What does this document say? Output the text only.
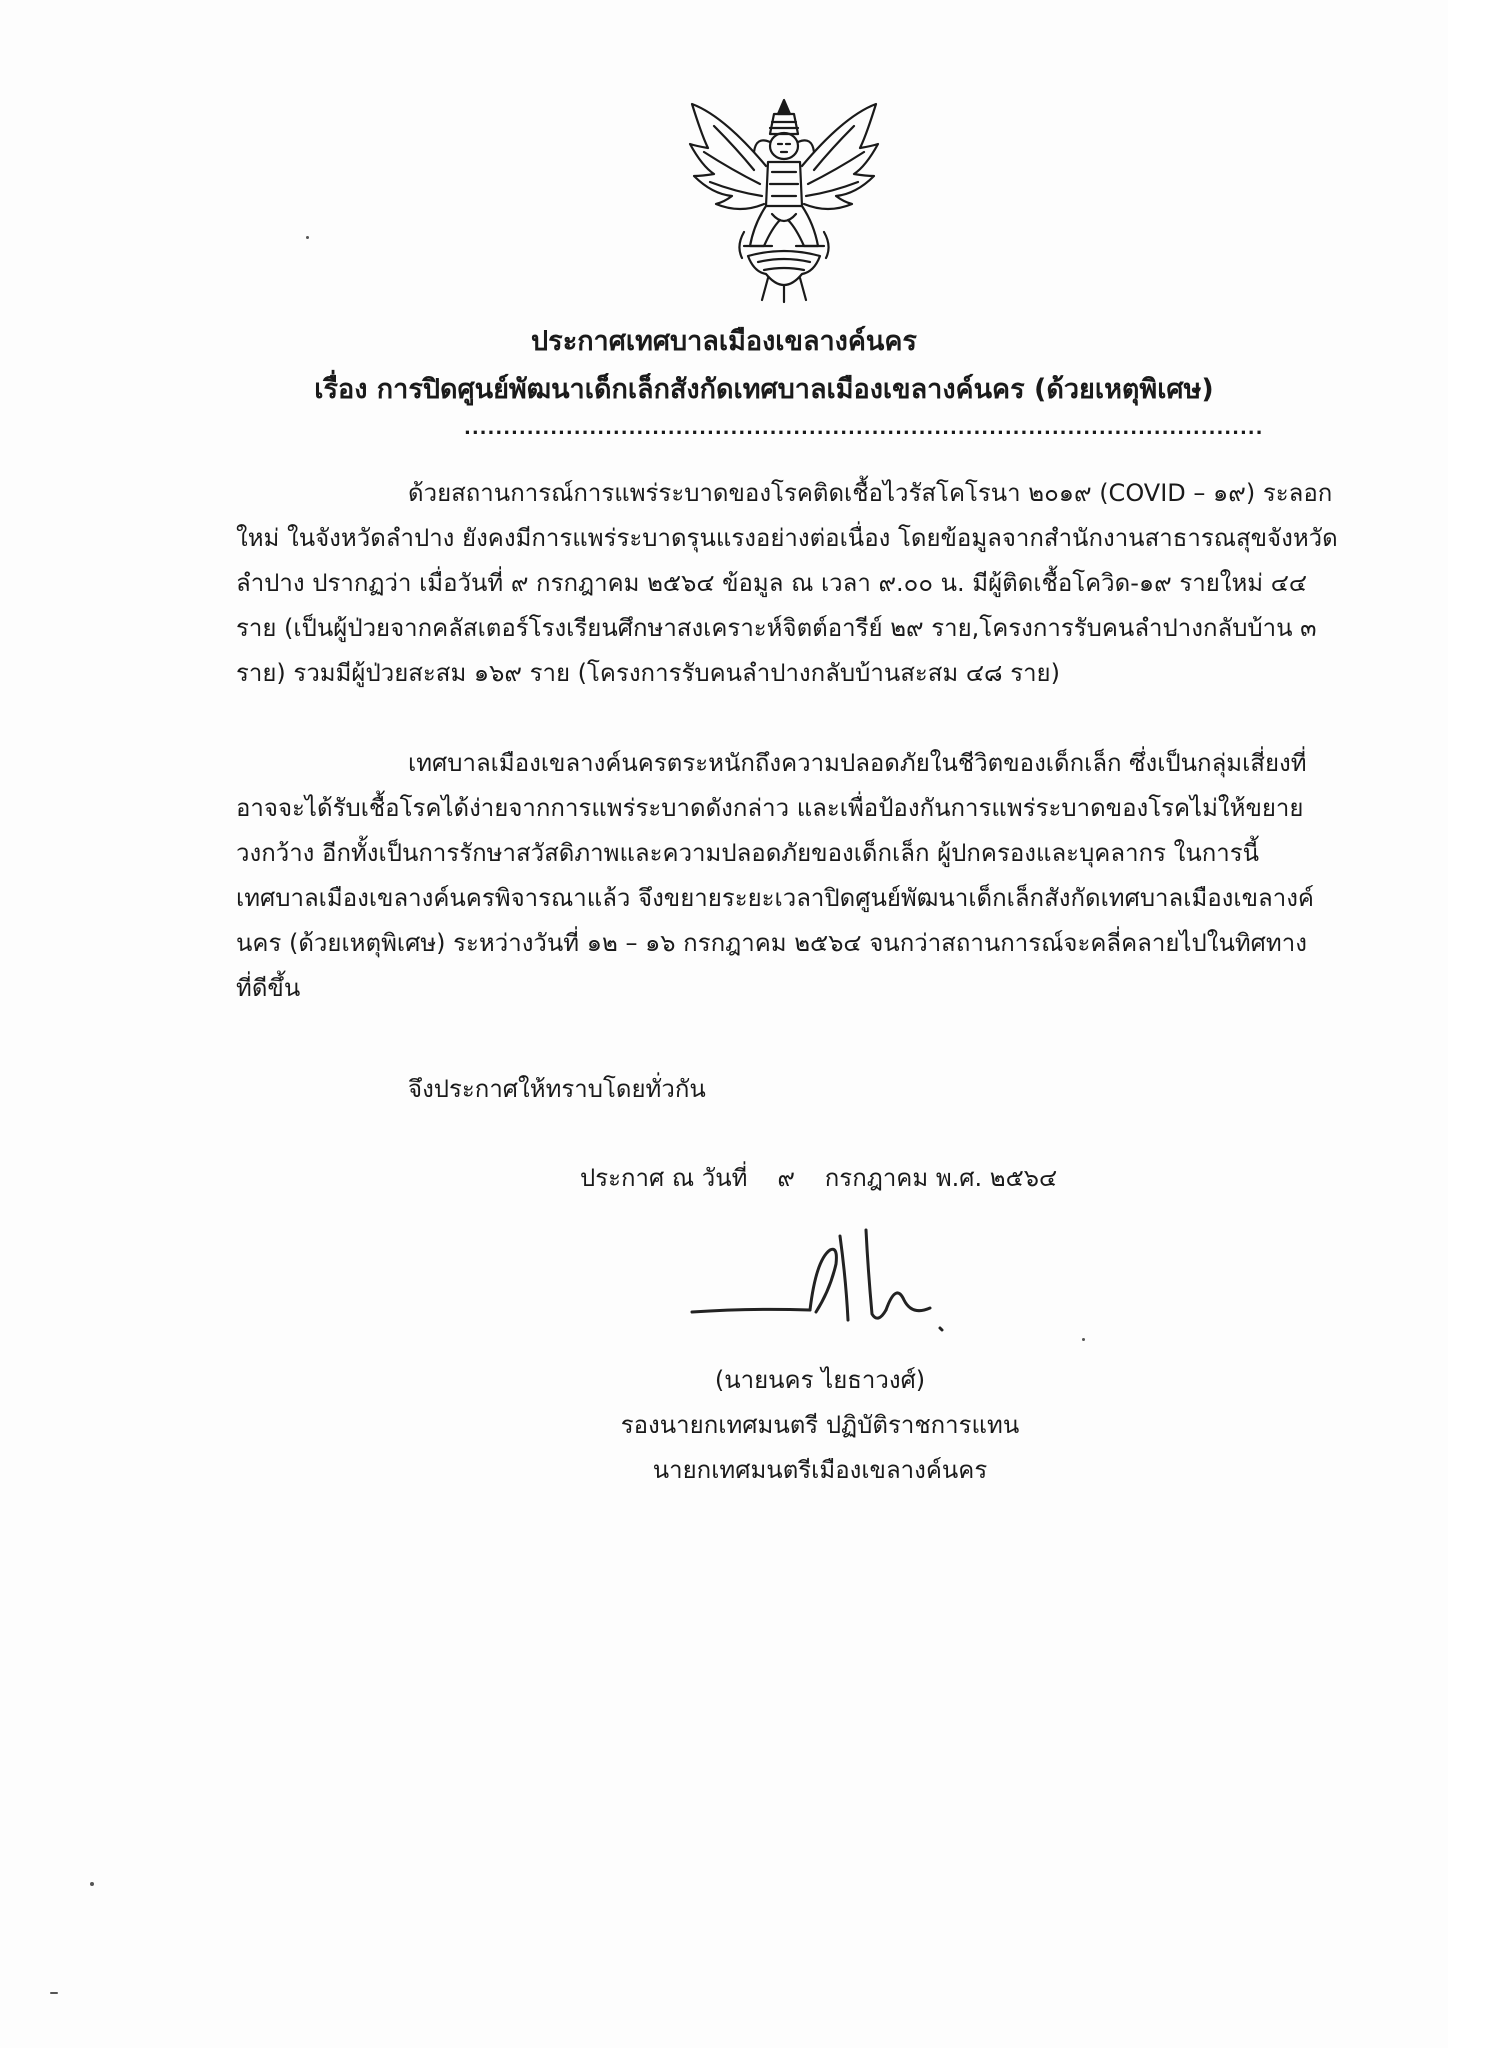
ประกาศเทศบาลเมืองเขลางค์นคร
เรื่อง การปิดศูนย์พัฒนาเด็กเล็กสังกัดเทศบาลเมืองเขลางค์นคร (ด้วยเหตุพิเศษ)
......................................................................................................
ด้วยสถานการณ์การแพร่ระบาดของโรคติดเชื้อไวรัสโคโรนา ๒๐๑๙ (COVID – ๑๙) ระลอก
ใหม่ ในจังหวัดลำปาง ยังคงมีการแพร่ระบาดรุนแรงอย่างต่อเนื่อง โดยข้อมูลจากสำนักงานสาธารณสุขจังหวัด
ลำปาง ปรากฏว่า เมื่อวันที่ ๙ กรกฎาคม ๒๕๖๔ ข้อมูล ณ เวลา ๙.๐๐ น. มีผู้ติดเชื้อโควิด-๑๙ รายใหม่ ๔๔
ราย (เป็นผู้ป่วยจากคลัสเตอร์โรงเรียนศึกษาสงเคราะห์จิตต์อารีย์ ๒๙ ราย,โครงการรับคนลำปางกลับบ้าน ๓
ราย) รวมมีผู้ป่วยสะสม ๑๖๙ ราย (โครงการรับคนลำปางกลับบ้านสะสม ๔๘ ราย)
เทศบาลเมืองเขลางค์นครตระหนักถึงความปลอดภัยในชีวิตของเด็กเล็ก ซึ่งเป็นกลุ่มเสี่ยงที่
อาจจะได้รับเชื้อโรคได้ง่ายจากการแพร่ระบาดดังกล่าว และเพื่อป้องกันการแพร่ระบาดของโรคไม่ให้ขยาย
วงกว้าง อีกทั้งเป็นการรักษาสวัสดิภาพและความปลอดภัยของเด็กเล็ก ผู้ปกครองและบุคลากร ในการนี้
เทศบาลเมืองเขลางค์นครพิจารณาแล้ว จึงขยายระยะเวลาปิดศูนย์พัฒนาเด็กเล็กสังกัดเทศบาลเมืองเขลางค์
นคร (ด้วยเหตุพิเศษ) ระหว่างวันที่ ๑๒ – ๑๖ กรกฎาคม ๒๕๖๔ จนกว่าสถานการณ์จะคลี่คลายไปในทิศทาง
ที่ดีขึ้น
จึงประกาศให้ทราบโดยทั่วกัน
ประกาศ ณ วันที่ ๙ กรกฎาคม พ.ศ. ๒๕๖๔
(นายนคร ไยธาวงศ์)
รองนายกเทศมนตรี ปฏิบัติราชการแทน
นายกเทศมนตรีเมืองเขลางค์นคร
